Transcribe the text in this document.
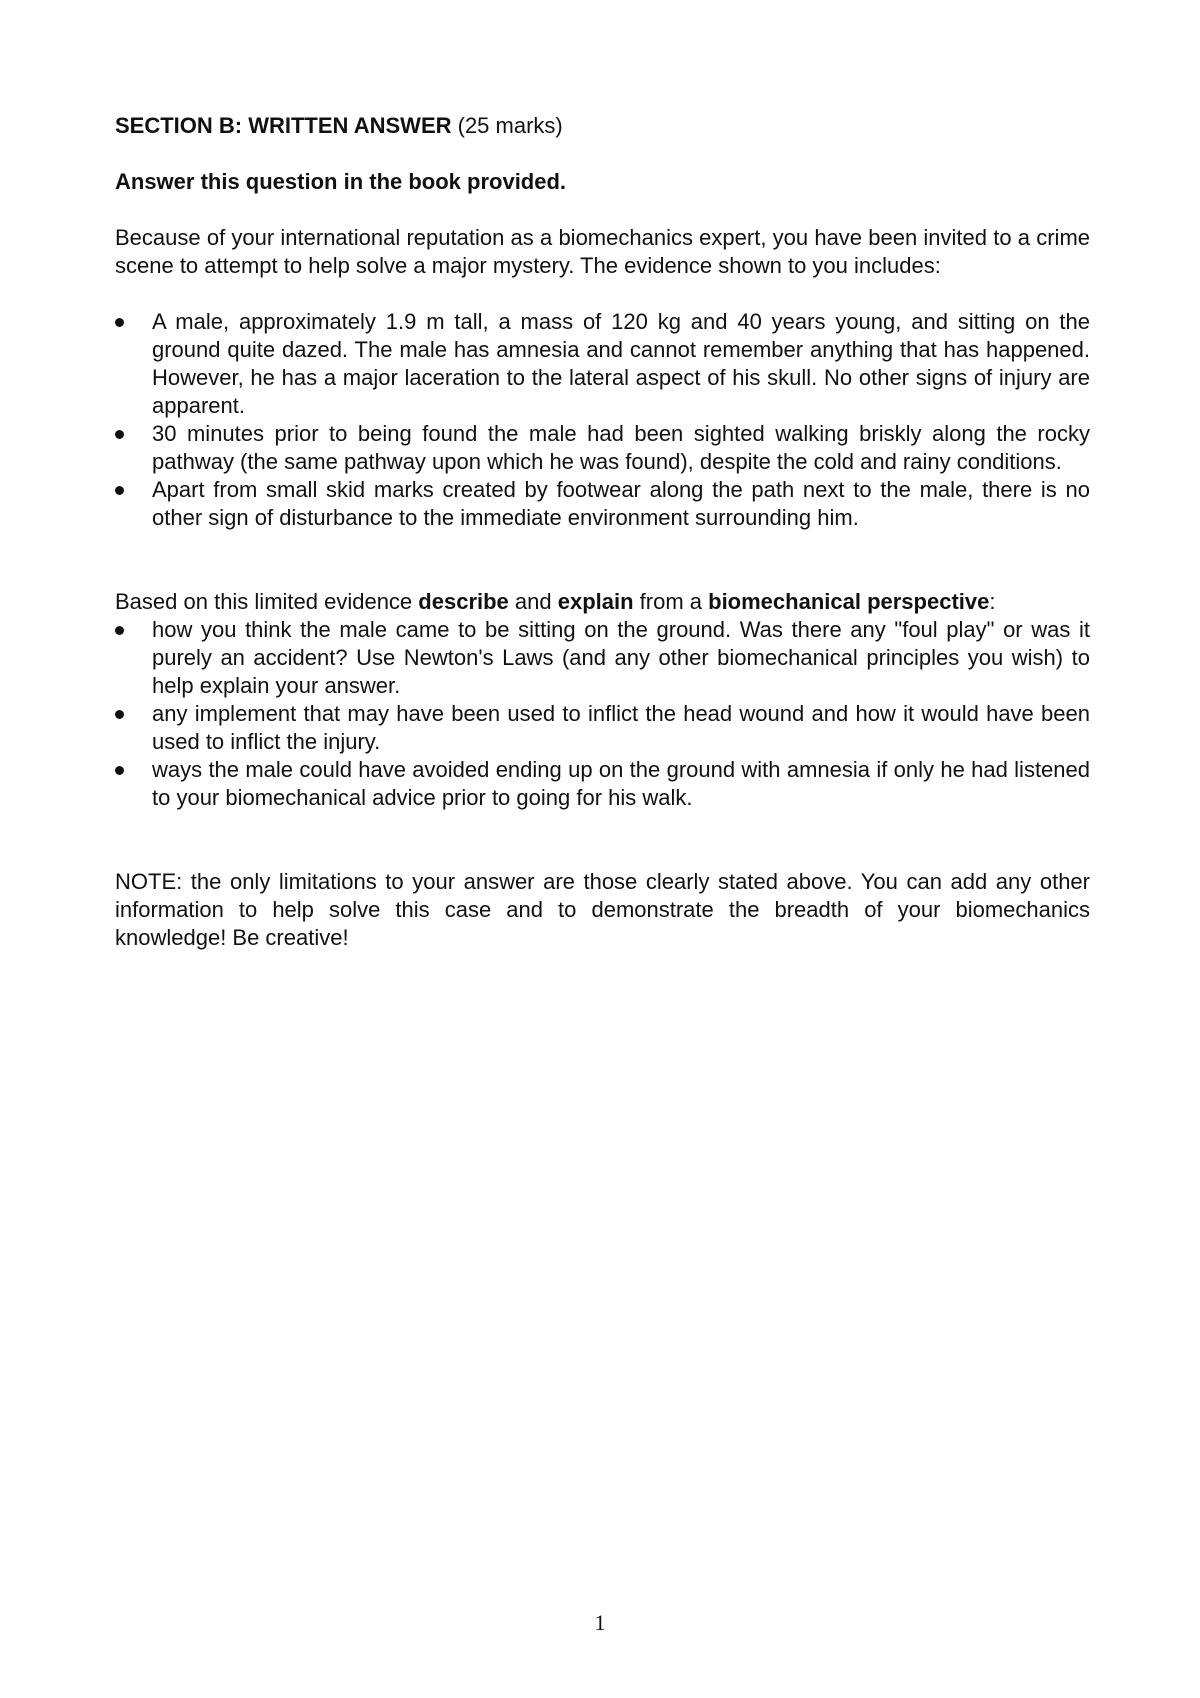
SECTION B: WRITTEN ANSWER (25 marks)

Answer this question in the book provided.

Because of your international reputation as a biomechanics expert, you have been invited to a crime scene to attempt to help solve a major mystery. The evidence shown to you includes:

A male, approximately 1.9 m tall, a mass of 120 kg and 40 years young, and sitting on the ground quite dazed. The male has amnesia and cannot remember anything that has happened. However, he has a major laceration to the lateral aspect of his skull. No other signs of injury are apparent.
30 minutes prior to being found the male had been sighted walking briskly along the rocky pathway (the same pathway upon which he was found), despite the cold and rainy conditions.
Apart from small skid marks created by footwear along the path next to the male, there is no other sign of disturbance to the immediate environment surrounding him.

Based on this limited evidence describe and explain from a biomechanical perspective:

how you think the male came to be sitting on the ground. Was there any "foul play" or was it purely an accident? Use Newton's Laws (and any other biomechanical principles you wish) to help explain your answer.
any implement that may have been used to inflict the head wound and how it would have been used to inflict the injury.
ways the male could have avoided ending up on the ground with amnesia if only he had listened to your biomechanical advice prior to going for his walk.

NOTE: the only limitations to your answer are those clearly stated above. You can add any other information to help solve this case and to demonstrate the breadth of your biomechanics knowledge! Be creative!

1
